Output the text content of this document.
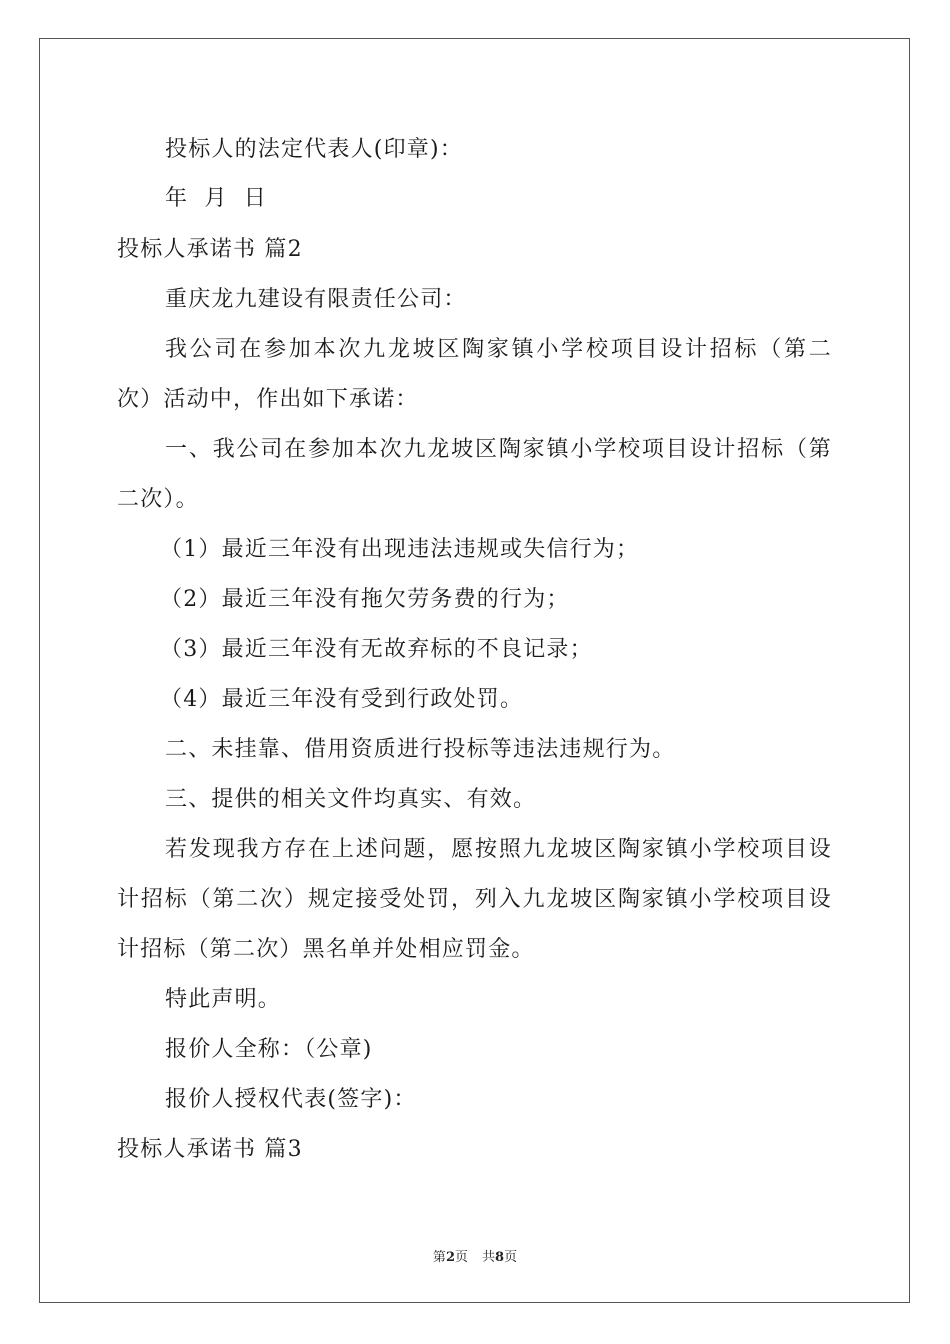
投标人的法定代表人(印章)：
年 月 日
投标人承诺书 篇2
重庆龙九建设有限责任公司：
我公司在参加本次九龙坡区陶家镇小学校项目设计招标（第二
次）活动中，作出如下承诺：
一、我公司在参加本次九龙坡区陶家镇小学校项目设计招标（第
二次）。
（1）最近三年没有出现违法违规或失信行为；
（2）最近三年没有拖欠劳务费的行为；
（3）最近三年没有无故弃标的不良记录；
（4）最近三年没有受到行政处罚。
二、未挂靠、借用资质进行投标等违法违规行为。
三、提供的相关文件均真实、有效。
若发现我方存在上述问题，愿按照九龙坡区陶家镇小学校项目设
计招标（第二次）规定接受处罚，列入九龙坡区陶家镇小学校项目设
计招标（第二次）黑名单并处相应罚金。
特此声明。
报价人全称：（公章)
报价人授权代表(签字)：
投标人承诺书 篇3
第2页 共8页
